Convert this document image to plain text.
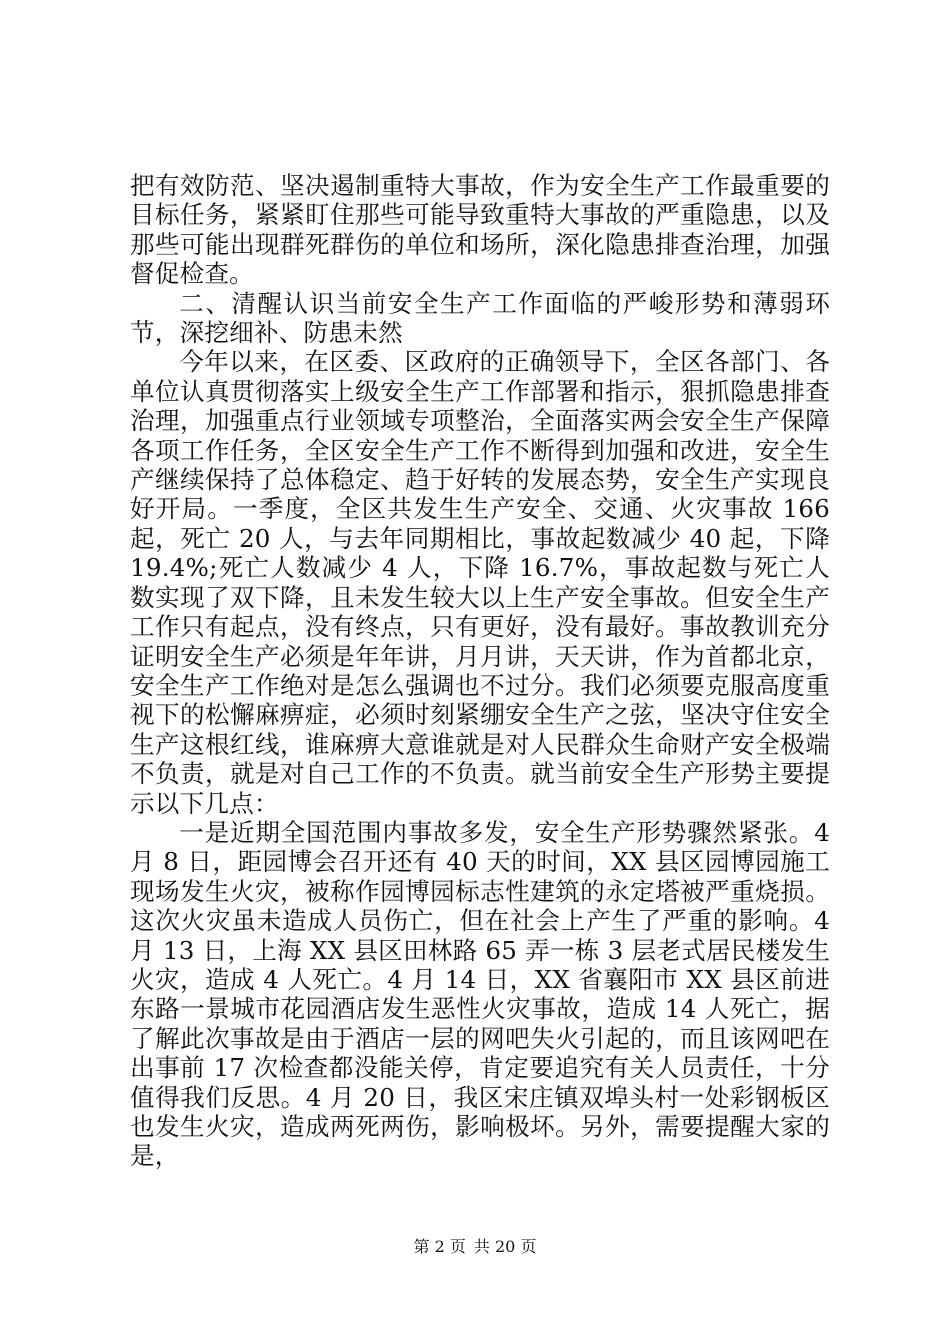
把有效防范、坚决遏制重特大事故，作为安全生产工作最重要的目标任务，紧紧盯住那些可能导致重特大事故的严重隐患，以及那些可能出现群死群伤的单位和场所，深化隐患排查治理，加强督促检查。

二、清醒认识当前安全生产工作面临的严峻形势和薄弱环节，深挖细补、防患未然

今年以来，在区委、区政府的正确领导下，全区各部门、各单位认真贯彻落实上级安全生产工作部署和指示，狠抓隐患排查治理，加强重点行业领域专项整治，全面落实两会安全生产保障各项工作任务，全区安全生产工作不断得到加强和改进，安全生产继续保持了总体稳定、趋于好转的发展态势，安全生产实现良好开局。一季度，全区共发生生产安全、交通、火灾事故 166 起，死亡 20 人，与去年同期相比，事故起数减少 40 起，下降 19.4%;死亡人数减少 4 人，下降 16.7%，事故起数与死亡人数实现了双下降，且未发生较大以上生产安全事故。但安全生产工作只有起点，没有终点，只有更好，没有最好。事故教训充分证明安全生产必须是年年讲，月月讲，天天讲，作为首都北京，安全生产工作绝对是怎么强调也不过分。我们必须要克服高度重视下的松懈麻痹症，必须时刻紧绷安全生产之弦，坚决守住安全生产这根红线，谁麻痹大意谁就是对人民群众生命财产安全极端不负责，就是对自己工作的不负责。就当前安全生产形势主要提示以下几点：

一是近期全国范围内事故多发，安全生产形势骤然紧张。4 月 8 日，距园博会召开还有 40 天的时间，XX 县区园博园施工现场发生火灾，被称作园博园标志性建筑的永定塔被严重烧损。这次火灾虽未造成人员伤亡，但在社会上产生了严重的影响。4 月 13 日，上海 XX 县区田林路 65 弄一栋 3 层老式居民楼发生火灾，造成 4 人死亡。4 月 14 日，XX 省襄阳市 XX 县区前进东路一景城市花园酒店发生恶性火灾事故，造成 14 人死亡，据了解此次事故是由于酒店一层的网吧失火引起的，而且该网吧在出事前 17 次检查都没能关停，肯定要追究有关人员责任，十分值得我们反思。4 月 20 日，我区宋庄镇双埠头村一处彩钢板区也发生火灾，造成两死两伤，影响极坏。另外，需要提醒大家的是，

第 2 页 共 20 页
